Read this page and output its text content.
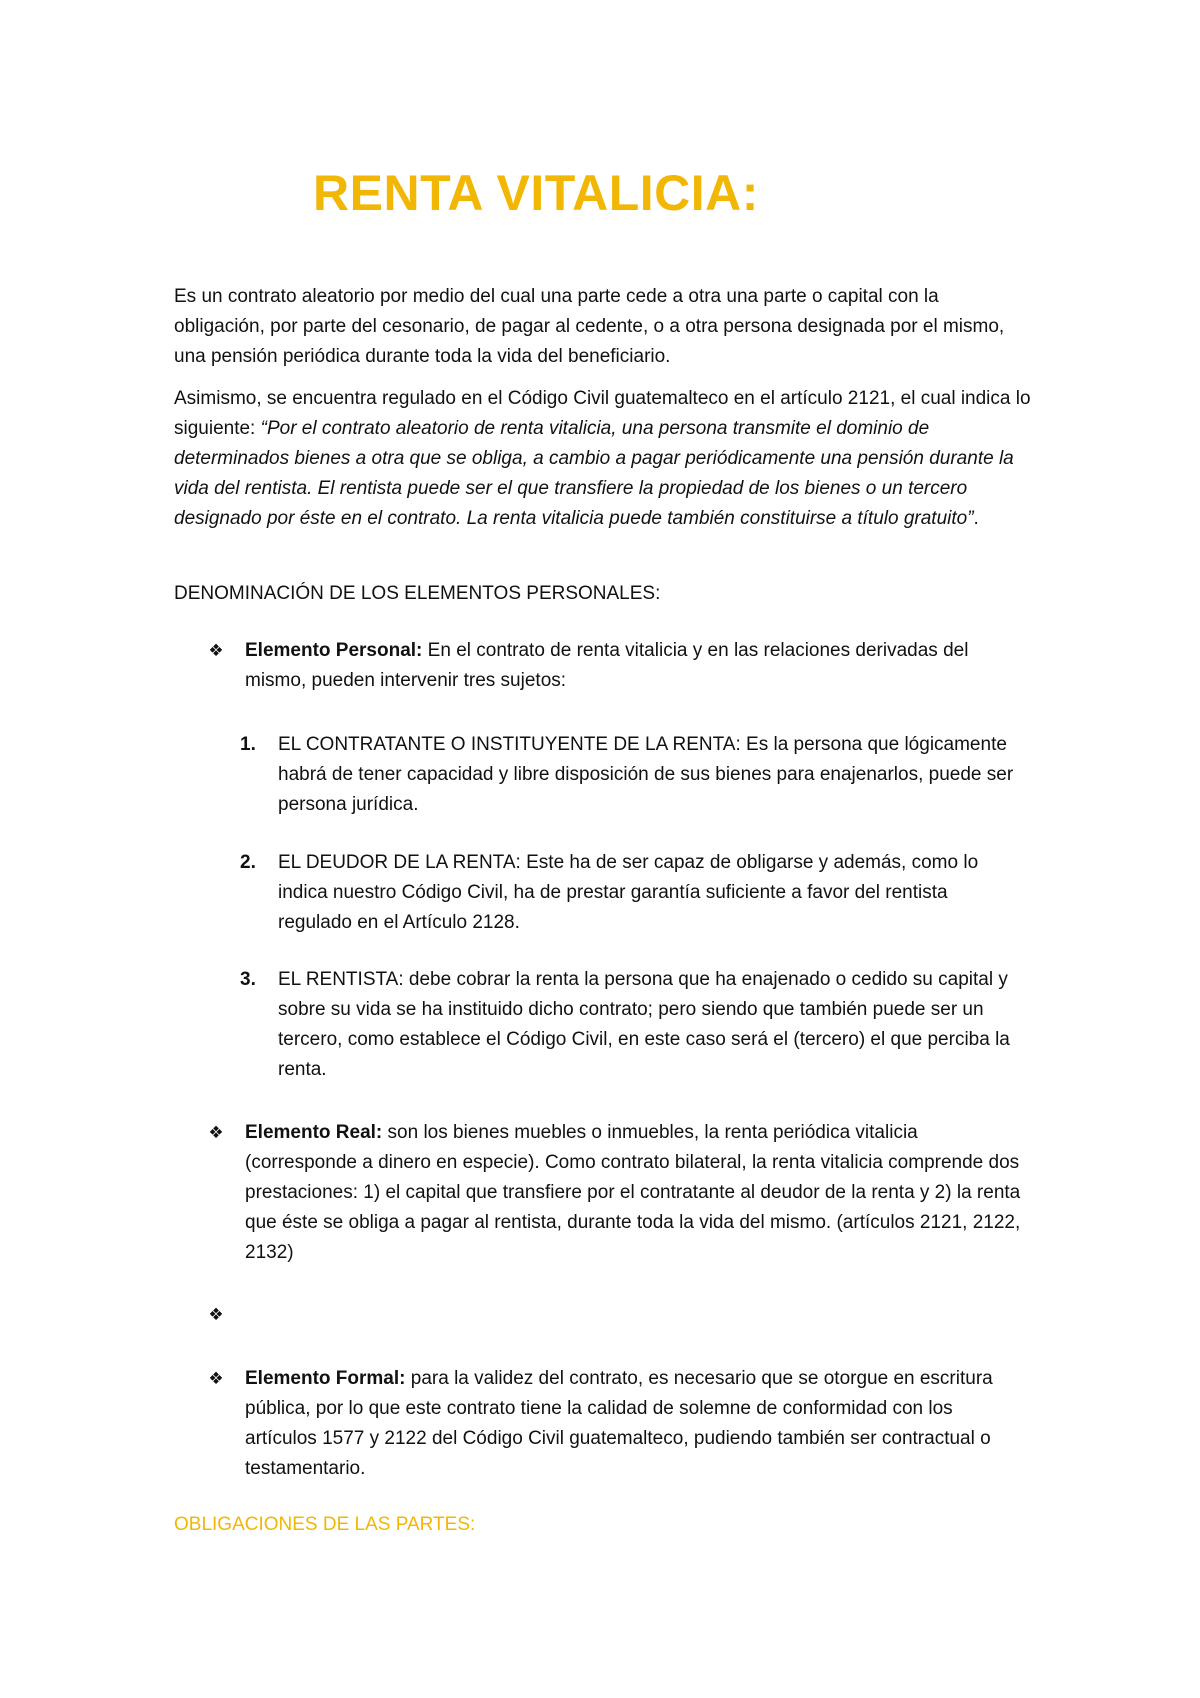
RENTA VITALICIA:

Es un contrato aleatorio por medio del cual una parte cede a otra una parte o capital con la obligación, por parte del cesonario, de pagar al cedente, o a otra persona designada por el mismo, una pensión periódica durante toda la vida del beneficiario.

Asimismo, se encuentra regulado en el Código Civil guatemalteco en el artículo 2121, el cual indica lo siguiente: “Por el contrato aleatorio de renta vitalicia, una persona transmite el dominio de determinados bienes a otra que se obliga, a cambio a pagar periódicamente una pensión durante la vida del rentista. El rentista puede ser el que transfiere la propiedad de los bienes o un tercero designado por éste en el contrato. La renta vitalicia puede también constituirse a título gratuito”.

DENOMINACIÓN DE LOS ELEMENTOS PERSONALES:

❖ Elemento Personal: En el contrato de renta vitalicia y en las relaciones derivadas del mismo, pueden intervenir tres sujetos:
1. EL CONTRATANTE O INSTITUYENTE DE LA RENTA: Es la persona que lógicamente habrá de tener capacidad y libre disposición de sus bienes para enajenarlos, puede ser persona jurídica.
2. EL DEUDOR DE LA RENTA: Este ha de ser capaz de obligarse y además, como lo indica nuestro Código Civil, ha de prestar garantía suficiente a favor del rentista regulado en el Artículo 2128.
3. EL RENTISTA: debe cobrar la renta la persona que ha enajenado o cedido su capital y sobre su vida se ha instituido dicho contrato; pero siendo que también puede ser un tercero, como establece el Código Civil, en este caso será el (tercero) el que perciba la renta.
❖ Elemento Real: son los bienes muebles o inmuebles, la renta periódica vitalicia (corresponde a dinero en especie). Como contrato bilateral, la renta vitalicia comprende dos prestaciones: 1) el capital que transfiere por el contratante al deudor de la renta y 2) la renta que éste se obliga a pagar al rentista, durante toda la vida del mismo. (artículos 2121, 2122, 2132)
❖
❖ Elemento Formal: para la validez del contrato, es necesario que se otorgue en escritura pública, por lo que este contrato tiene la calidad de solemne de conformidad con los artículos 1577 y 2122 del Código Civil guatemalteco, pudiendo también ser contractual o testamentario.
OBLIGACIONES DE LAS PARTES:
